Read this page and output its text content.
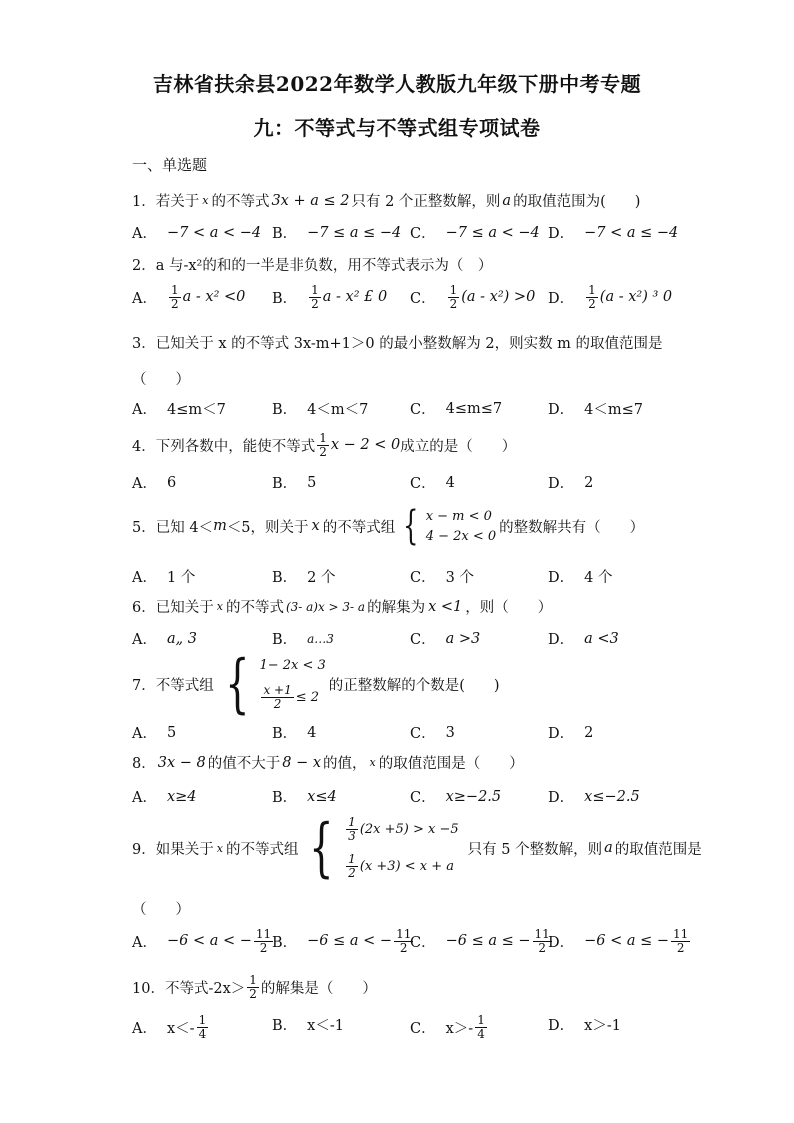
吉林省扶余县2022年数学人教版九年级下册中考专题
九：不等式与不等式组专项试卷
一、单选题
1．若关于 x 的不等式 3x + a ≤ 2 只有 2 个正整数解，则 a 的取值范围为(　　)
A． −7 < a < −4 B． −7 ≤ a ≤ −4 C． −7 ≤ a < −4 D． −7 < a ≤ −4
2．a 与-x²的和的一半是非负数，用不等式表示为（　）
A． $\frac{1}{2}$ a - x² <0 B． $\frac{1}{2}$ a - x² £ 0 C． $\frac{1}{2} (a - x^2) >0$ D． $\frac{1}{2} (a - x^2)$ ³ 0
3．已知关于 x 的不等式 3x-m+1＞0 的最小整数解为 2，则实数 m 的取值范围是
（　　）
A． 4≤m＜7	B． 4＜m＜7	C． 4≤m≤7	D． 4＜m≤7
4．下列各数中，能使不等式 $\frac{1}{2}$ x − 2 < 0 成立的是（　　）
A． 6	B． 5	C． 4	D． 2
5．已知 4＜ m ＜5，则关于 x 的不等式组 { x − m < 0
4 − 2x < 0
的整数解共有（　　）
A． 1 个	B． 2 个	C． 3 个	D． 4 个
6．已知关于 x 的不等式 (3- a)x > 3- a 的解集为 x <1 ，则（　　）
A． a„ 3	B． a…3	C． a >3	D． a <3
7．不等式组 { 1− 2x < 3
$\frac{x +1}{2} \le 2$
的正整数解的个数是(　　)
A． 5	B． 4	C． 3	D． 2
8． 3x − 8 的值不大于 8 − x 的值， x 的取值范围是（　　）
A． x≥4	B． x≤4	C． x≥−2.5	D． x≤−2.5
9．如果关于 x 的不等式组 { $\frac{1}{3} (2x +5) > x -5$
$\frac{1}{2} (x +3) < x + a$
只有 5 个整数解，则 a 的取值范围是
（　　）
A． −6 < a < − $\frac{11}{2}$
B． −6 ≤ a < − $\frac{11}{2}$
C． −6 ≤ a ≤ − $\frac{11}{2}$
D． −6 < a ≤ − $\frac{11}{2}$
10．不等式$-2x> \frac{1}{2}$ 的解集是（　　）
A． $x<- \frac{1}{4}$	B． x＜-1	C． $x>- \frac{1}{4}$	D． x＞-1
